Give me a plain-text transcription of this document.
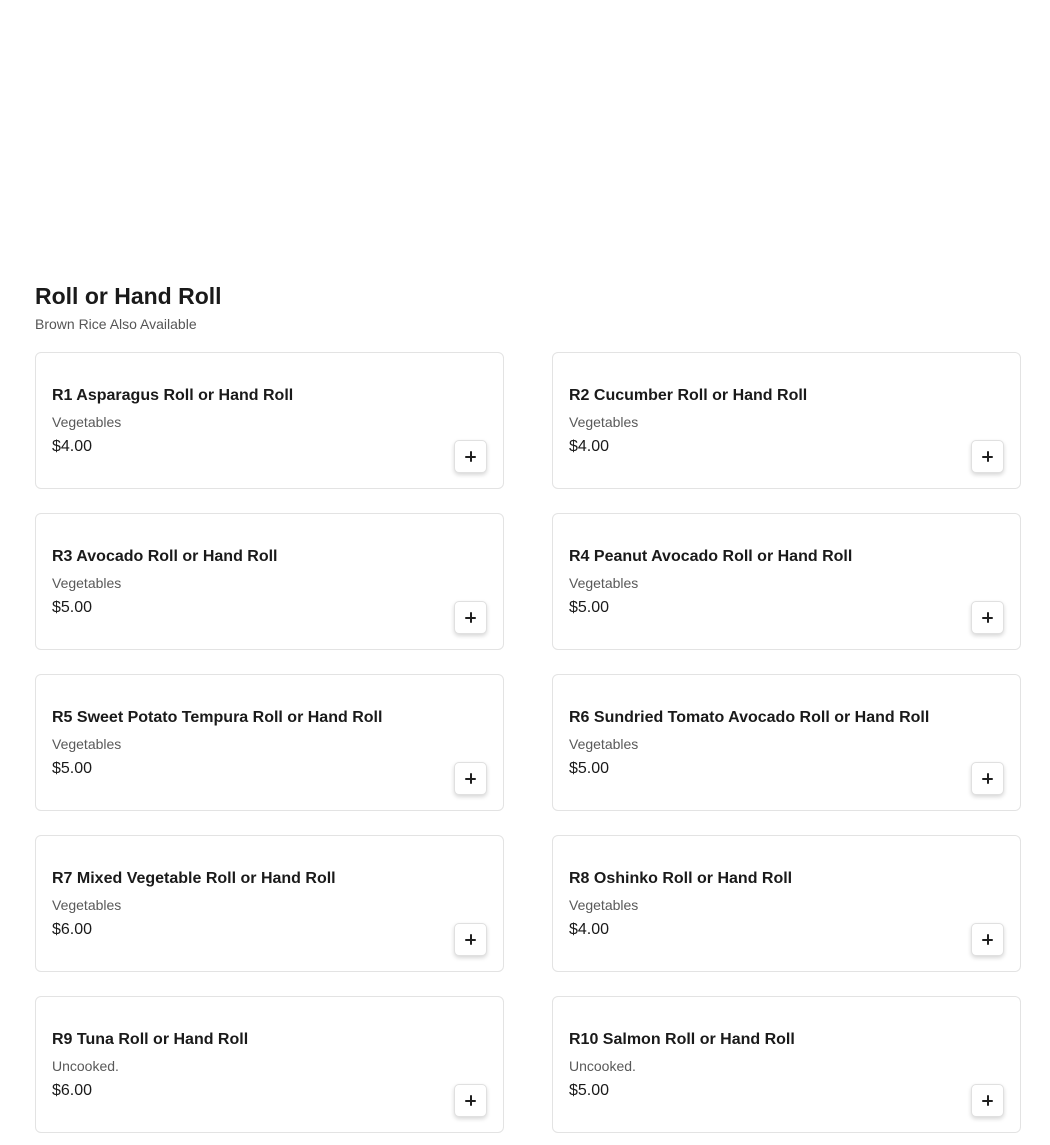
Roll or Hand Roll
Brown Rice Also Available
R1 Asparagus Roll or Hand Roll
Vegetables
$4.00
R2 Cucumber Roll or Hand Roll
Vegetables
$4.00
R3 Avocado Roll or Hand Roll
Vegetables
$5.00
R4 Peanut Avocado Roll or Hand Roll
Vegetables
$5.00
R5 Sweet Potato Tempura Roll or Hand Roll
Vegetables
$5.00
R6 Sundried Tomato Avocado Roll or Hand Roll
Vegetables
$5.00
R7 Mixed Vegetable Roll or Hand Roll
Vegetables
$6.00
R8 Oshinko Roll or Hand Roll
Vegetables
$4.00
R9 Tuna Roll or Hand Roll
Uncooked.
$6.00
R10 Salmon Roll or Hand Roll
Uncooked.
$5.00
